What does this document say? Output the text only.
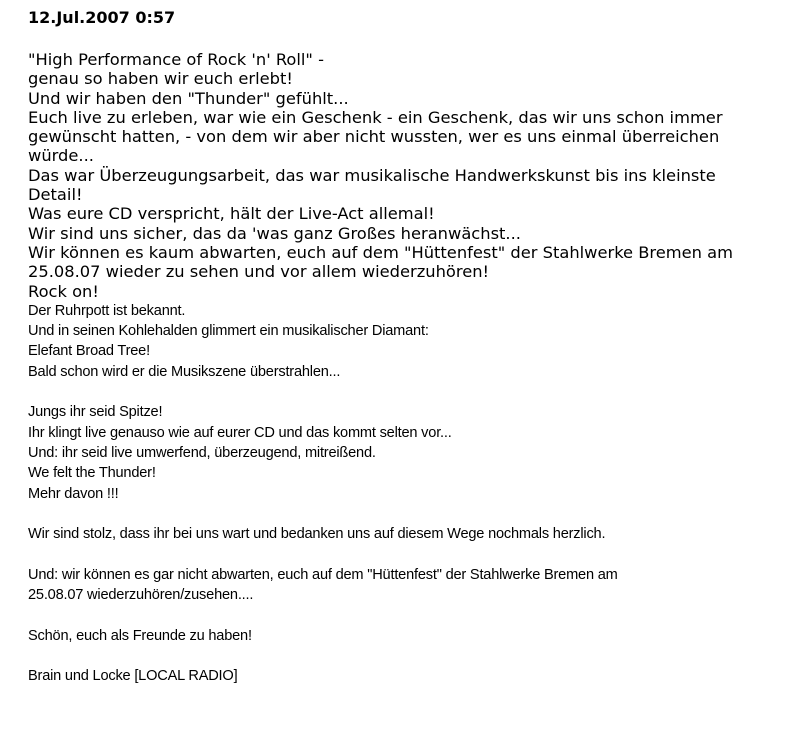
12.Jul.2007 0:57
"High Performance of Rock 'n' Roll" -
genau so haben wir euch erlebt!
Und wir haben den "Thunder" gefühlt...
Euch live zu erleben, war wie ein Geschenk - ein Geschenk, das wir uns schon immer
gewünscht hatten, - von dem wir aber nicht wussten, wer es uns einmal überreichen
würde...
Das war Überzeugungsarbeit, das war musikalische Handwerkskunst bis ins kleinste
Detail!
Was eure CD verspricht, hält der Live-Act allemal!
Wir sind uns sicher, das da 'was ganz Großes heranwächst...
Wir können es kaum abwarten, euch auf dem "Hüttenfest" der Stahlwerke Bremen am
25.08.07 wieder zu sehen und vor allem wiederzuhören!
Rock on!
Der Ruhrpott ist bekannt.
Und in seinen Kohlehalden glimmert ein musikalischer Diamant:
Elefant Broad Tree!
Bald schon wird er die Musikszene überstrahlen...
Jungs ihr seid Spitze!
Ihr klingt live genauso wie auf eurer CD und das kommt selten vor...
Und: ihr seid live umwerfend, überzeugend, mitreißend.
We felt the Thunder!
Mehr davon !!!
Wir sind stolz, dass ihr bei uns wart und bedanken uns auf diesem Wege nochmals herzlich.
Und: wir können es gar nicht abwarten, euch auf dem "Hüttenfest" der Stahlwerke Bremen am
25.08.07 wiederzuhören/zusehen....
Schön, euch als Freunde zu haben!
Brain und Locke [LOCAL RADIO]
